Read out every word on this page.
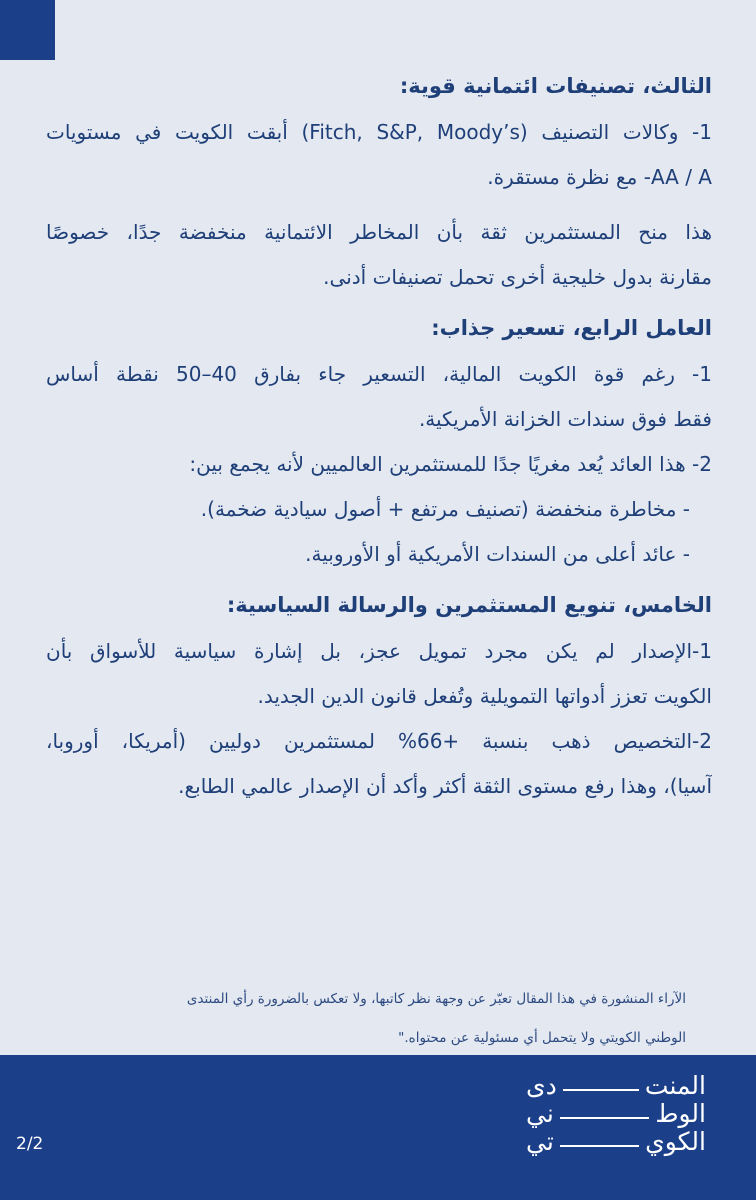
الثالث، تصنيفات ائتمانية قوية:

1- وكالات التصنيف (Fitch, S&P, Moody’s) أبقت الكويت في مستويات

AA / A- مع نظرة مستقرة.

هذا منح المستثمرين ثقة بأن المخاطر الائتمانية منخفضة جدًا، خصوصًا

مقارنة بدول خليجية أخرى تحمل تصنيفات أدنى.

العامل الرابع، تسعير جذاب:

1- رغم قوة الكويت المالية، التسعير جاء بفارق 40–50 نقطة أساس

فقط فوق سندات الخزانة الأمريكية.

2- هذا العائد يُعد مغريًا جدًا للمستثمرين العالميين لأنه يجمع بين:

- مخاطرة منخفضة (تصنيف مرتفع + أصول سيادية ضخمة).

- عائد أعلى من السندات الأمريكية أو الأوروبية.

الخامس، تنويع المستثمرين والرسالة السياسية:

1-الإصدار لم يكن مجرد تمويل عجز، بل إشارة سياسية للأسواق بأن

الكويت تعزز أدواتها التمويلية وتُفعل قانون الدين الجديد.

2-التخصيص ذهب بنسبة +66% لمستثمرين دوليين (أمريكا، أوروبا،

آسيا)، وهذا رفع مستوى الثقة أكثر وأكد أن الإصدار عالمي الطابع.

الآراء المنشورة في هذا المقال تعبّر عن وجهة نظر كاتبها، ولا تعكس بالضرورة رأي المنتدى

الوطني الكويتي ولا يتحمل أي مسئولية عن محتواه."

المنت
دى
الوط
ني
الكوي
تي
2/2
